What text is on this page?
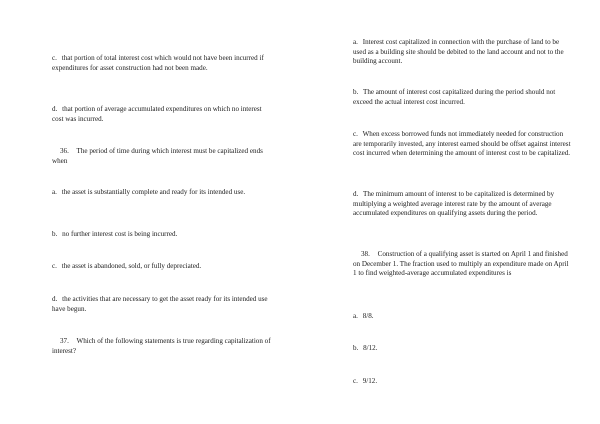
c. that portion of total interest cost which would not have been incurred if expenditures for asset construction had not been made.

d. that portion of average accumulated expenditures on which no interest cost was incurred.

36. The period of time during which interest must be capitalized ends when

a. the asset is substantially complete and ready for its intended use.

b. no further interest cost is being incurred.

c. the asset is abandoned, sold, or fully depreciated.

d. the activities that are necessary to get the asset ready for its intended use have begun.

37. Which of the following statements is true regarding capitalization of interest?

a. Interest cost capitalized in connection with the purchase of land to be used as a building site should be debited to the land account and not to the building account.

b. The amount of interest cost capitalized during the period should not exceed the actual interest cost incurred.

c. When excess borrowed funds not immediately needed for construction are temporarily invested, any interest earned should be offset against interest cost incurred when determining the amount of interest cost to be capitalized.

d. The minimum amount of interest to be capitalized is determined by multiplying a weighted average interest rate by the amount of average accumulated expenditures on qualifying assets during the period.

38. Construction of a qualifying asset is started on April 1 and finished on December 1. The fraction used to multiply an expenditure made on April 1 to find weighted-average accumulated expenditures is

a. 8/8.

b. 8/12.

c. 9/12.
